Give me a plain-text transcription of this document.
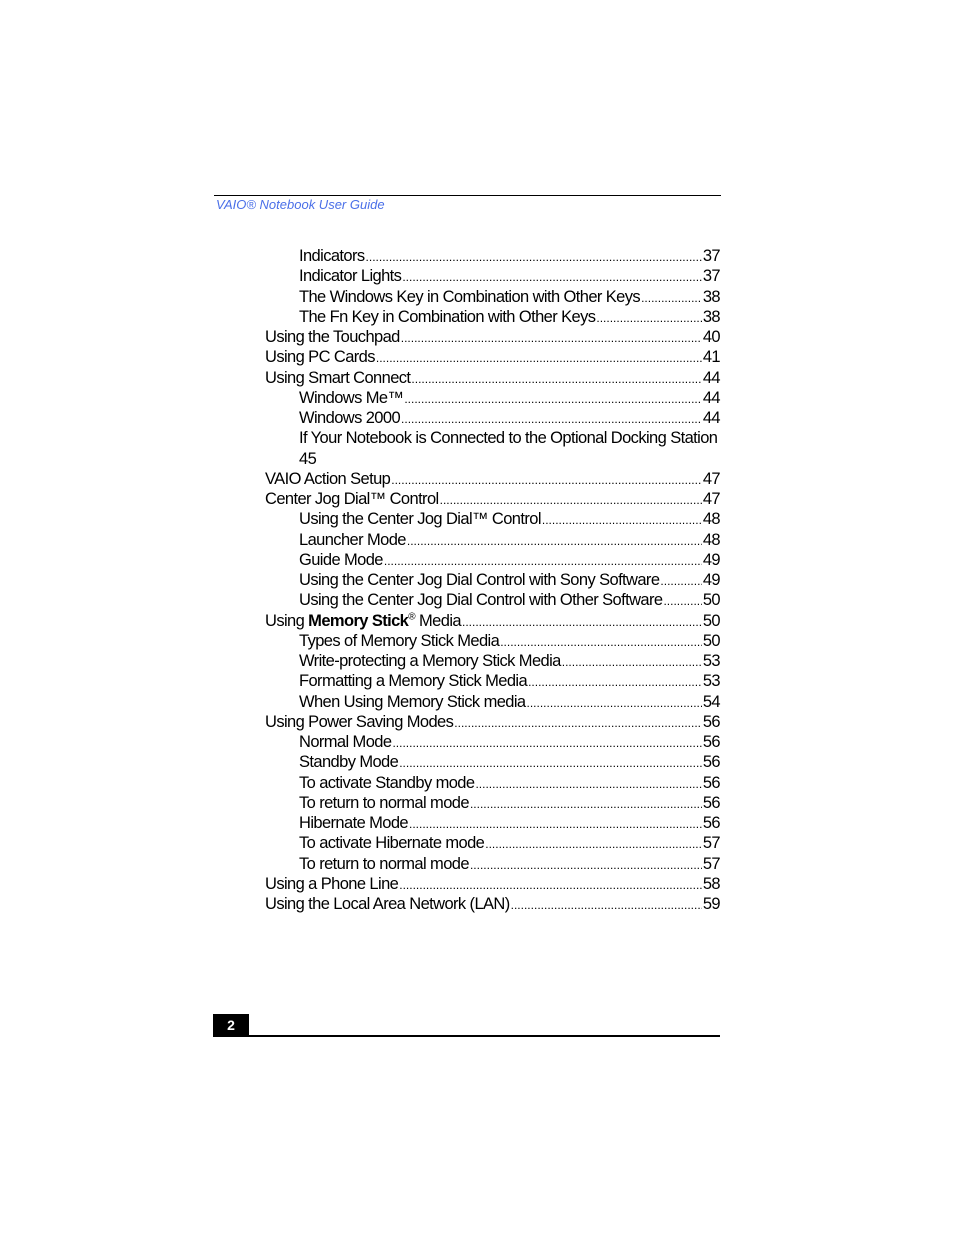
VAIO® Notebook User Guide
Indicators .....	37
Indicator Lights .....	37
The Windows Key in Combination with Other Keys .....	38
The Fn Key in Combination with Other Keys .....	38
Using the Touchpad .....	40
Using PC Cards .....	41
Using Smart Connect .....	44
Windows Me™ .....	44
Windows 2000 .....	44
If Your Notebook is Connected to the Optional Docking Station
45
VAIO Action Setup .....	47
Center Jog Dial™ Control .....	47
Using the Center Jog Dial™ Control .....	48
Launcher Mode .....	48
Guide Mode .....	49
Using the Center Jog Dial Control with Sony Software .....	49
Using the Center Jog Dial Control with Other Software ..... 50
Using Memory Stick® Media .....	50
Types of Memory Stick Media .....	50
Write-protecting a Memory Stick Media .....	53
Formatting a Memory Stick Media .....	53
When Using Memory Stick media .....	54
Using Power Saving Modes .....	56
Normal Mode .....	56
Standby Mode .....	56
To activate Standby mode .....	56
To return to normal mode .....	56
Hibernate Mode .....	56
To activate Hibernate mode .....	57
To return to normal mode .....	57
Using a Phone Line .....	58
Using the Local Area Network (LAN) .....	59
2
